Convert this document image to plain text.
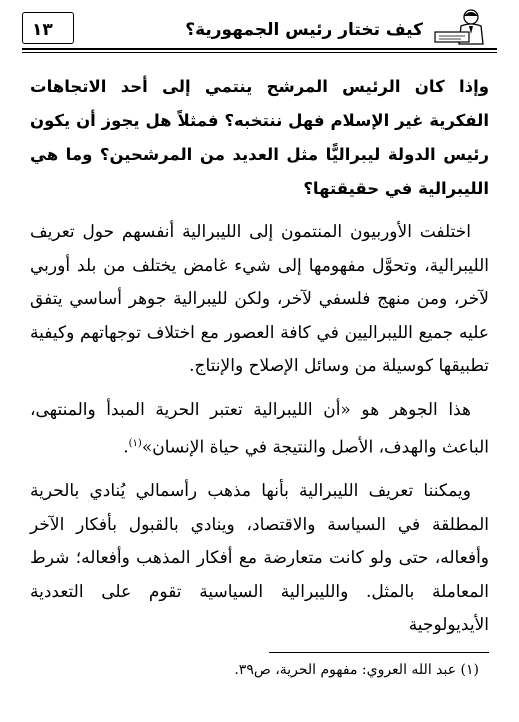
كيف تختار رئيس الجمهورية؟
١٣

وإذا كان الرئيس المرشح ينتمي إلى أحد الاتجاهات الفكرية غير الإسلام فهل ننتخبه؟ فمثلاً هل يجوز أن يكون رئيس الدولة ليبراليًّا مثل العديد من المرشحين؟ وما هي الليبرالية في حقيقتها؟

اختلفت الأوربيون المنتمون إلى الليبرالية أنفسهم حول تعريف الليبرالية، وتحوَّل مفهومها إلى شيء غامض يختلف من بلد أوربي لآخر، ومن منهج فلسفي لآخر، ولكن لليبرالية جوهر أساسي يتفق عليه جميع الليبراليين في كافة العصور مع اختلاف توجهاتهم وكيفية تطبيقها كوسيلة من وسائل الإصلاح والإنتاج.

هذا الجوهر هو «أن الليبرالية تعتبر الحرية المبدأ والمنتهى، الباعث والهدف، الأصل والنتيجة في حياة الإنسان»$^{(١)}$.

ويمكننا تعريف الليبرالية بأنها مذهب رأسمالي يُنادي بالحرية المطلقة في السياسة والاقتصاد، وينادي بالقبول بأفكار الآخر وأفعاله، حتى ولو كانت متعارضة مع أفكار المذهب وأفعاله؛ شرط المعاملة بالمثل. والليبرالية السياسية تقوم على التعددية الأيديولوجية

(١) عبد الله العروي: مفهوم الحرية، ص٣٩.
